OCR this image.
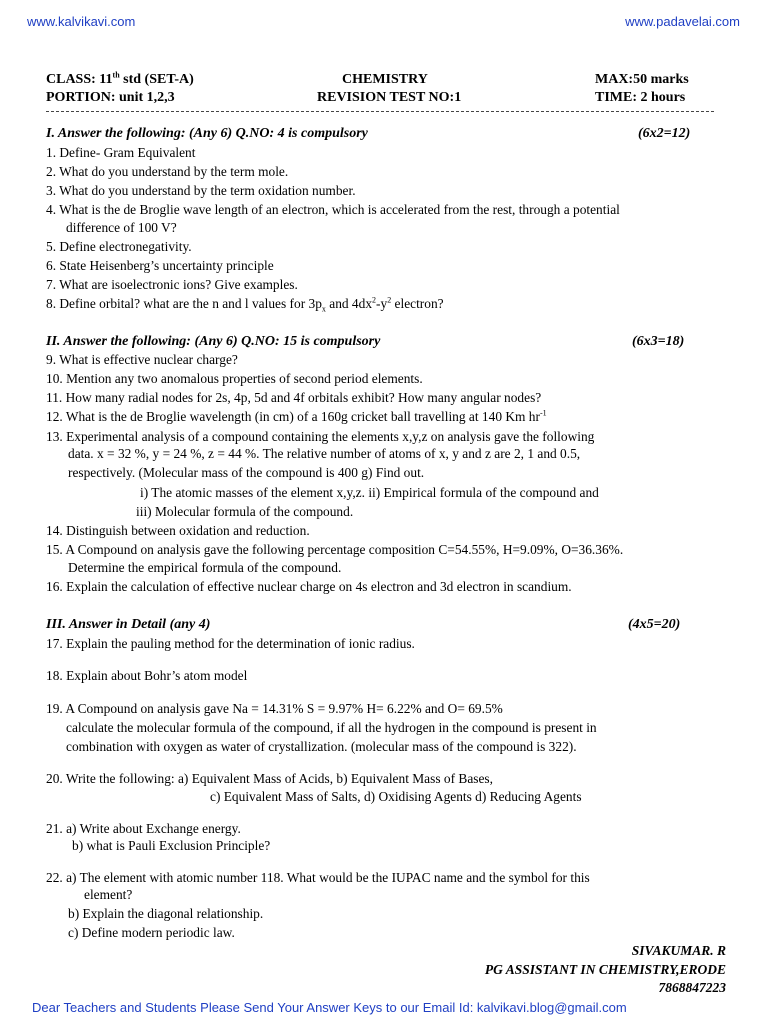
www.kalvikavi.com	www.padavelai.com
CLASS: 11th std (SET-A)
PORTION: unit 1,2,3
CHEMISTRY
REVISION TEST NO:1
MAX:50 marks
TIME: 2 hours
I. Answer the following: (Any 6) Q.NO: 4 is compulsory	(6x2=12)
1. Define- Gram Equivalent
2. What do you understand by the term mole.
3. What do you understand by the term oxidation number.
4. What is the de Broglie wave length of an electron, which is accelerated from the rest, through a potential
difference of 100 V?
5. Define electronegativity.
6. State Heisenberg’s uncertainty principle
7. What are isoelectronic ions? Give examples.
8. Define orbital? what are the n and l values for $3p_x$ and $4dx^2-y^2$ electron?
II. Answer the following: (Any 6) Q.NO: 15 is compulsory	(6x3=18)
9. What is effective nuclear charge?
10. Mention any two anomalous properties of second period elements.
11. How many radial nodes for 2s, 4p, 5d and 4f orbitals exhibit? How many angular nodes?
12. What is the de Broglie wavelength (in cm) of a 160g cricket ball travelling at 140 Km $hr^{-1}$
13. Experimental analysis of a compound containing the elements x,y,z on analysis gave the following
data. x = 32 %, y = 24 %, z = 44 %. The relative number of atoms of x, y and z are 2, 1 and 0.5,
respectively. (Molecular mass of the compound is 400 g) Find out.
i) The atomic masses of the element x,y,z. ii) Empirical formula of the compound and
iii) Molecular formula of the compound.
14. Distinguish between oxidation and reduction.
15. A Compound on analysis gave the following percentage composition C=54.55%, H=9.09%, O=36.36%.
Determine the empirical formula of the compound.
16. Explain the calculation of effective nuclear charge on 4s electron and 3d electron in scandium.
III. Answer in Detail (any 4)	(4x5=20)
17. Explain the pauling method for the determination of ionic radius.
18. Explain about Bohr’s atom model
19. A Compound on analysis gave Na = 14.31% S = 9.97% H= 6.22% and O= 69.5%
calculate the molecular formula of the compound, if all the hydrogen in the compound is present in
combination with oxygen as water of crystallization. (molecular mass of the compound is 322).
20. Write the following: a) Equivalent Mass of Acids, b) Equivalent Mass of Bases,
c) Equivalent Mass of Salts, d) Oxidising Agents d) Reducing Agents
21. a) Write about Exchange energy.
b) what is Pauli Exclusion Principle?
22. a) The element with atomic number 118. What would be the IUPAC name and the symbol for this
element?
b) Explain the diagonal relationship.
c) Define modern periodic law.
SIVAKUMAR. R
PG ASSISTANT IN CHEMISTRY,ERODE
7868847223
Dear Teachers and Students Please Send Your Answer Keys to our Email Id: kalvikavi.blog@gmail.com
